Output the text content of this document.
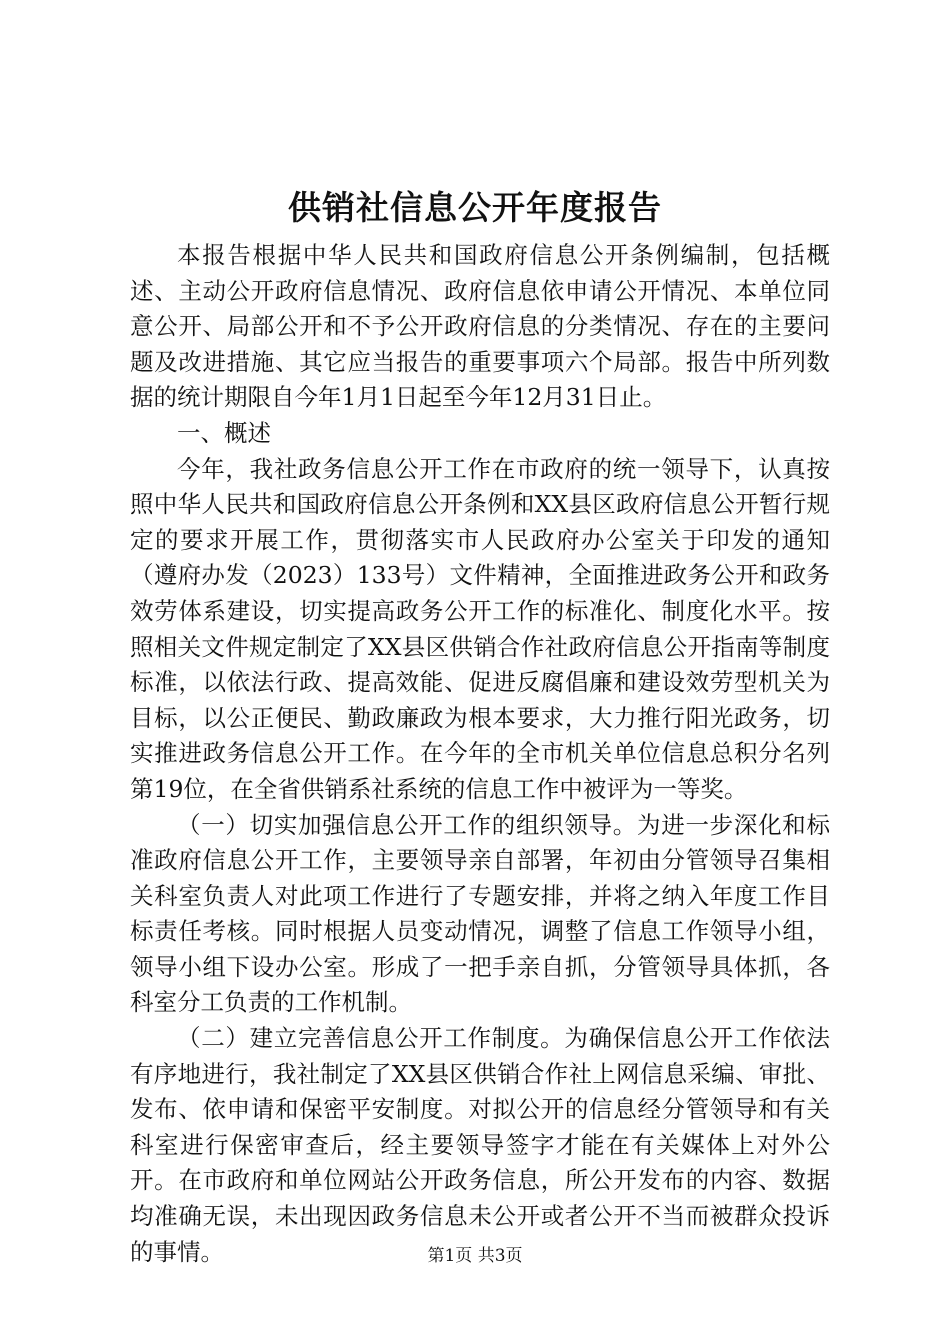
供销社信息公开年度报告

本报告根据中华人民共和国政府信息公开条例编制，包括概述、主动公开政府信息情况、政府信息依申请公开情况、本单位同意公开、局部公开和不予公开政府信息的分类情况、存在的主要问题及改进措施、其它应当报告的重要事项六个局部。报告中所列数据的统计期限自今年1月1日起至今年12月31日止。

一、概述

今年，我社政务信息公开工作在市政府的统一领导下，认真按照中华人民共和国政府信息公开条例和XX县区政府信息公开暂行规定的要求开展工作，贯彻落实市人民政府办公室关于印发的通知（遵府办发（2023）133号）文件精神，全面推进政务公开和政务效劳体系建设，切实提高政务公开工作的标准化、制度化水平。按照相关文件规定制定了XX县区供销合作社政府信息公开指南等制度标准，以依法行政、提高效能、促进反腐倡廉和建设效劳型机关为目标，以公正便民、勤政廉政为根本要求，大力推行阳光政务，切实推进政务信息公开工作。在今年的全市机关单位信息总积分名列第19位，在全省供销系社系统的信息工作中被评为一等奖。

（一）切实加强信息公开工作的组织领导。为进一步深化和标准政府信息公开工作，主要领导亲自部署，年初由分管领导召集相关科室负责人对此项工作进行了专题安排，并将之纳入年度工作目标责任考核。同时根据人员变动情况，调整了信息工作领导小组，领导小组下设办公室。形成了一把手亲自抓，分管领导具体抓，各科室分工负责的工作机制。

（二）建立完善信息公开工作制度。为确保信息公开工作依法有序地进行，我社制定了XX县区供销合作社上网信息采编、审批、发布、依申请和保密平安制度。对拟公开的信息经分管领导和有关科室进行保密审查后，经主要领导签字才能在有关媒体上对外公开。在市政府和单位网站公开政务信息，所公开发布的内容、数据均准确无误，未出现因政务信息未公开或者公开不当而被群众投诉的事情。	第1页 共3页
